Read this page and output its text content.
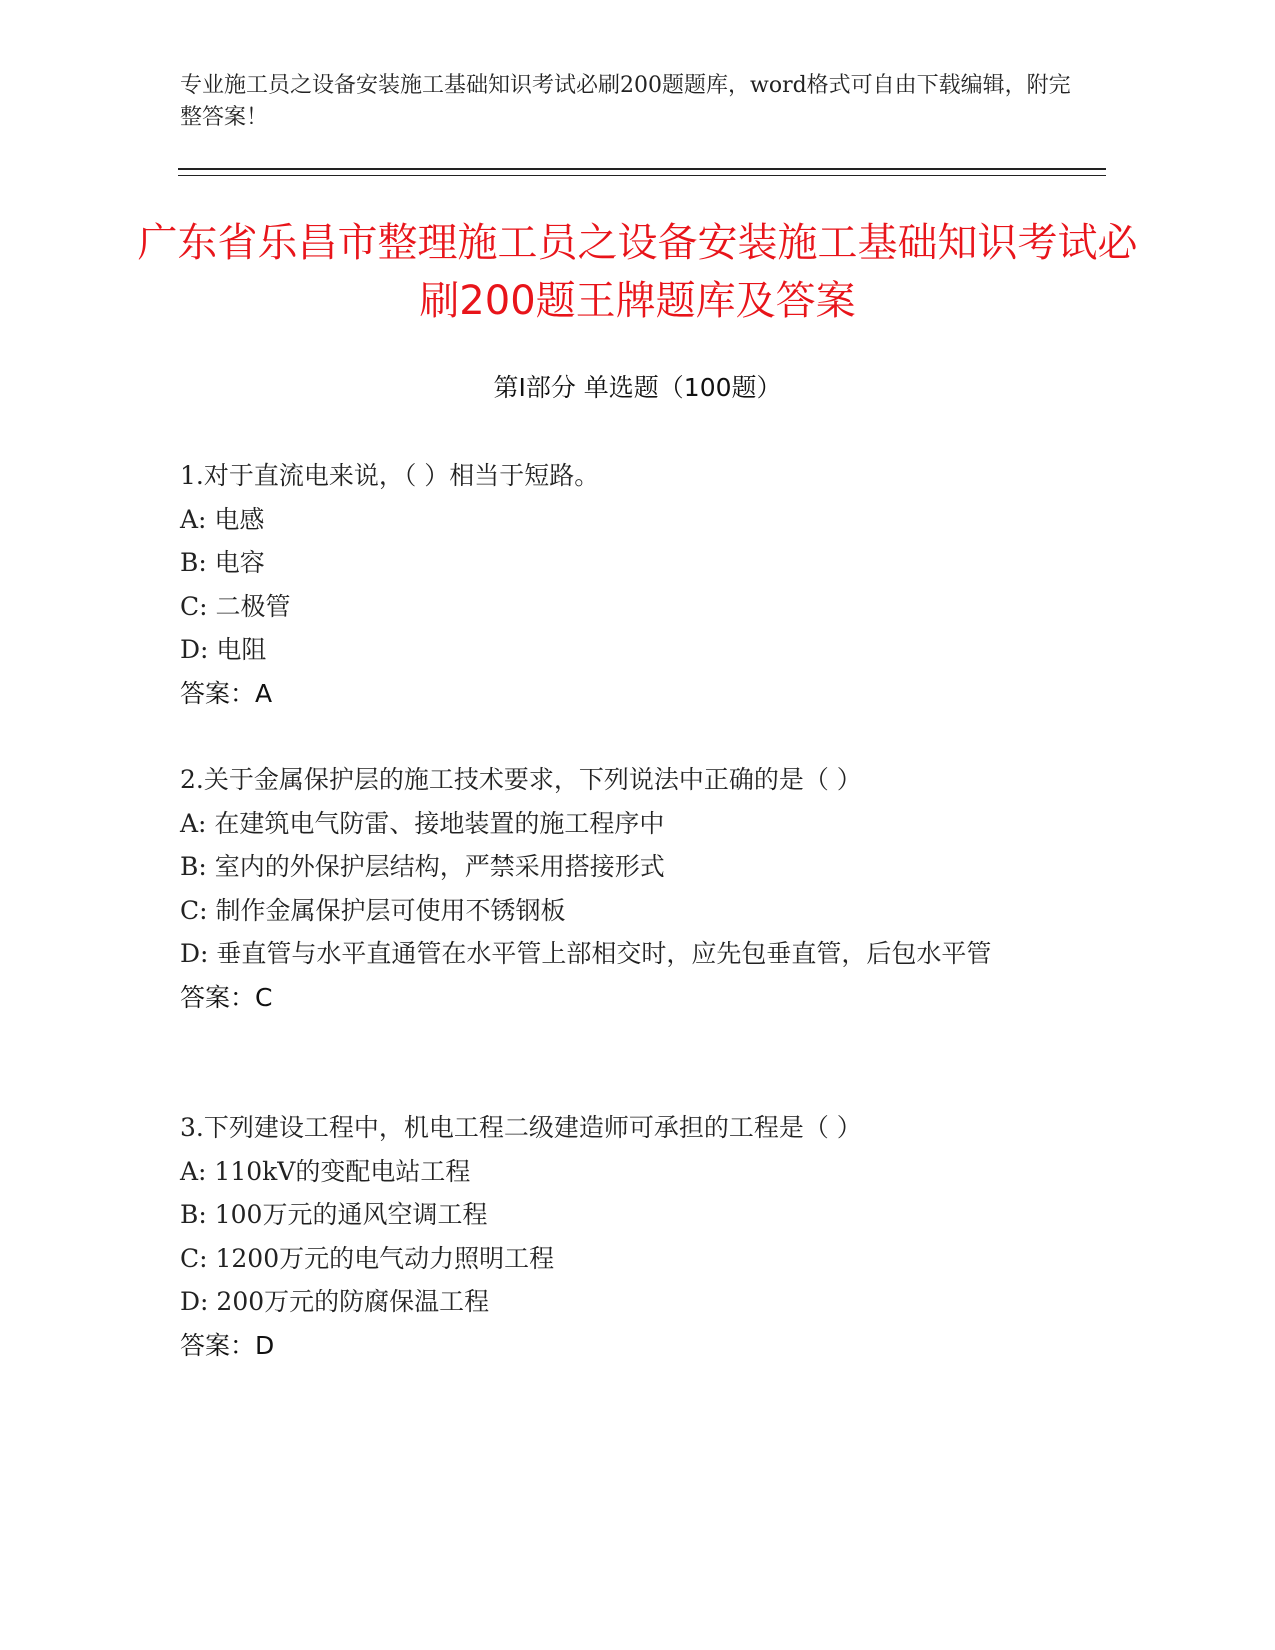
专业施工员之设备安装施工基础知识考试必刷200题题库，word格式可自由下载编辑，附完整答案！
广东省乐昌市整理施工员之设备安装施工基础知识考试必刷200题王牌题库及答案
第I部分 单选题（100题）
1.对于直流电来说，（ ）相当于短路。
A: 电感
B: 电容
C: 二极管
D: 电阻
答案：A
2.关于金属保护层的施工技术要求，下列说法中正确的是（ ）
A: 在建筑电气防雷、接地装置的施工程序中
B: 室内的外保护层结构，严禁采用搭接形式
C: 制作金属保护层可使用不锈钢板
D: 垂直管与水平直通管在水平管上部相交时，应先包垂直管，后包水平管
答案：C
3.下列建设工程中，机电工程二级建造师可承担的工程是（ ）
A: 110kV的变配电站工程
B: 100万元的通风空调工程
C: 1200万元的电气动力照明工程
D: 200万元的防腐保温工程
答案：D
